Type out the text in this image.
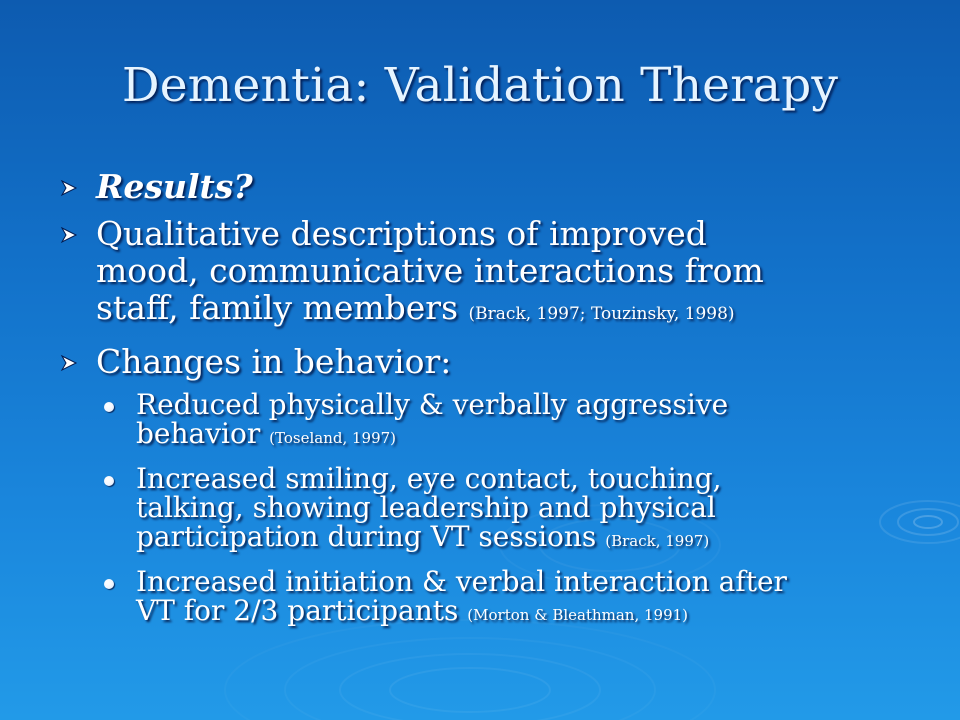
Dementia: Validation Therapy
Results?
Qualitative descriptions of improved
mood, communicative interactions from
staff, family members (Brack, 1997; Touzinsky, 1998)
Changes in behavior:
Reduced physically & verbally aggressive
behavior (Toseland, 1997)
Increased smiling, eye contact, touching,
talking, showing leadership and physical
participation during VT sessions (Brack, 1997)
Increased initiation & verbal interaction after
VT for 2/3 participants (Morton & Bleathman, 1991)
